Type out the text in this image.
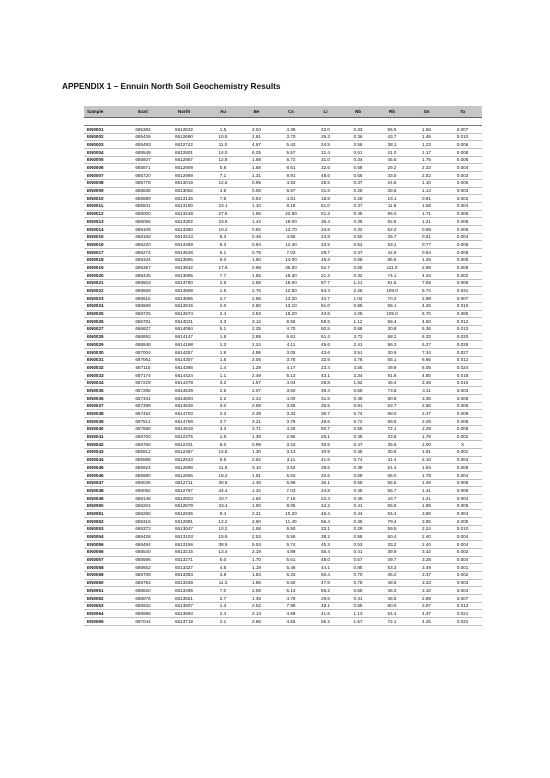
APPENDIX 1 – Ennuin North Soil Geochemistry Results
Sample	East	North	Au	Be	Cs	Li	Nb	Rb	Sn	Ta

EN0001	685384	6612632	1.5	2.04	4.39	22.0	0.33	66.5	1.56	0.007
EN0002	685439	6612690	10.5	2.81	3.70	25.3	0.36	43.7	1.46	0.010
EN0003	685493	6612742	11.0	4.97	5.43	24.5	0.56	38.1	1.23	0.006
EN0004	685549	6612801	14.0	6.25	5.57	31.4	0.61	41.0	1.17	0.008
EN0005	685607	6612857	12.8	1.68	5.72	31.0	0.34	45.5	1.75	0.005
EN0006	685671	6612909	5.8	1.68	8.51	32.6	0.58	29.2	2.33	0.004
EN0007	685720	6612969	7.1	1.31	8.91	48.6	0.56	33.5	2.52	0.003
EN0008	685778	6613019	12.6	0.95	4.93	25.5	0.37	24.8	1.10	0.005
EN0009	685835	6613082	4.6	0.59	5.67	31.6	0.28	28.6	1.14	0.003
EN0010	685889	6613136	7.8	0.54	4.81	18.8	0.26	19.1	0.81	0.002
EN0011	685941	6613190	23.1	1.10	8.18	51.0	0.37	11.6	1.58	0.004
EN0012	686000	6613248	27.5	1.85	23.90	61.3	0.45	86.0	1.71	0.006
EN0013	686055	6613302	23.9	1.42	18.00	36.4	0.36	62.5	1.21	0.005
EN0014	686109	6613360	10.2	0.82	13.70	34.8	0.32	52.2	0.99	0.006
EN0015	686166	6613413	8.3	0.45	4.65	24.8	0.50	25.7	0.51	0.004
EN0016	686220	6613469	8.3	0.94	12.40	33.5	0.52	53.1	0.77	0.006
EN0017	686274	6613528	6.1	0.78	7.03	29.7	0.37	42.9	0.84	0.005
EN0018	686334	6613585	5.0	1.50	14.00	48.3	0.58	85.6	1.28	0.005
EN0019	686387	6613642	17.9	2.98	36.60	54.7	0.55	111.0	2.89	0.006
EN0020	686445	6613695	7.7	1.55	19.30	21.3	0.32	74.1	4.34	0.002
EN0021	686503	6613750	2.8	2.58	18.50	87.7	1.21	91.5	7.59	0.006
EN0022	686559	6613808	1.5	2.76	12.50	64.3	2.26	108.0	5.72	0.031
EN0023	686615	6613865	2.7	2.55	13.20	42.7	1.02	70.2	2.88	0.007
EN0024	686669	6613915	2.0	2.80	13.10	61.0	0.85	56.1	4.28	0.010
EN0025	686725	6613974	2.4	3.83	19.20	43.8	4.26	109.0	6.70	0.065
EN0026	686781	6614031	3.3	3.12	8.56	59.5	1.12	56.4	4.60	0.012
EN0027	686837	6614084	5.1	2.25	4.70	50.5	0.88	30.8	6.36	0.013
EN0028	686892	6614147	1.8	2.89	6.61	61.4	3.73	68.2	6.33	0.020
EN0029	686948	6614198	1.3	2.24	4.11	49.6	2.41	56.3	6.27	0.028
EN0030	687004	6614257	1.9	4.95	3.05	43.6	3.51	30.9	7.34	0.027
EN0031	687061	6614307	1.5	2.05	3.75	32.8	4.76	55.1	6.66	0.012
EN0032	687115	6614366	1.4	1.29	4.17	23.4	4.55	49.9	6.05	0.024
EN0033	687174	6614424	1.1	2.49	5.13	43.1	3.34	91.6	4.80	0.018
EN0034	687229	6614478	3.2	1.57	4.04	28.8	1.62	46.4	3.36	0.010
EN0035	687285	6614539	2.6	2.07	3.60	39.4	0.68	73.8	3.11	0.003
EN0036	687341	6614593	2.2	2.24	4.00	31.6	0.48	90.9	3.36	0.005
EN0037	687399	6614649	3.0	2.59	3.55	35.5	0.81	63.7	2.80	0.006
EN0038	687452	6614703	2.3	2.39	3.33	35.7	0.74	68.0	2.47	0.009
EN0039	687512	6614758	2.7	3.21	3.78	48.6	0.72	69.5	2.29	0.005
EN0040	687568	6614819	3.3	3.71	4.25	60.7	0.55	72.1	2.29	0.005
EN0041	685700	6612375	1.8	1.38	2.86	28.1	0.45	33.8	1.79	0.002
EN0042	685756	6612431	5.0	0.99	3.23	30.6	0.47	35.6	2.00	X
EN0043	685812	6612487	12.5	1.30	3.13	30.9	0.35	30.8	1.91	0.001
EN0044	685868	6612543	5.5	2.62	3.11	41.6	0.74	41.4	2.10	0.004
EN0045	685924	6612599	11.9	3.10	3.63	39.6	0.39	61.4	1.94	0.006
EN0046	685980	6612655	18.2	1.91	5.63	32.6	0.59	65.0	1.78	0.004
EN0047	686036	6612711	30.9	1.48	5.88	30.1	0.58	55.5	1.49	0.005
EN0048	686092	6612767	44.4	1.32	7.03	24.8	0.35	55.7	1.41	0.006
EN0049	686148	6612823	43.7	1.62	7.16	22.4	0.39	43.7	1.21	0.004
EN0050	686204	6612879	33.4	1.90	8.05	34.2	0.41	55.6	1.88	0.005
EN0051	686260	6612935	9.4	2.21	10.20	46.4	0.44	84.4	3.80	0.004
EN0052	686316	6612991	12.2	2.60	11.40	56.4	0.35	78.4	3.85	0.005
EN0053	686372	6613047	10.2	1.58	6.50	33.1	0.29	59.5	2.24	0.010
EN0054	686428	6613103	15.9	2.53	5.55	38.2	0.55	50.4	2.40	0.004
EN0055	686484	6613159	38.9	5.04	5.74	45.3	0.53	33.2	2.40	0.004
EN0056	686540	6613215	13.4	2.19	4.89	55.4	0.41	39.9	3.42	0.002
EN0057	686596	6613271	5.0	1.70	5.61	48.0	0.57	49.7	3.28	0.004
EN0058	686652	6613327	4.6	1.19	5.48	44.1	0.85	53.3	3.49	0.001
EN0059	686708	6613383	3.8	1.83	5.33	50.4	0.70	46.2	3.37	0.002
EN0060	686764	6613439	11.3	1.86	5.60	47.6	0.75	48.5	3.33	0.003
EN0061	686820	6613495	7.0	2.59	5.13	58.2	0.65	46.0	3.10	0.004
EN0062	686876	6613551	2.7	1.49	4.79	29.6	0.41	46.5	2.89	0.007
EN0063	686932	6613607	1.3	2.52	7.98	48.1	0.55	80.0	3.97	0.013
EN0064	686988	6613663	2.4	2.13	4.59	41.6	1.13	64.4	4.37	0.021
EN0065	687044	6613719	2.1	2.65	4.83	55.2	1.57	72.1	4.25	0.022
